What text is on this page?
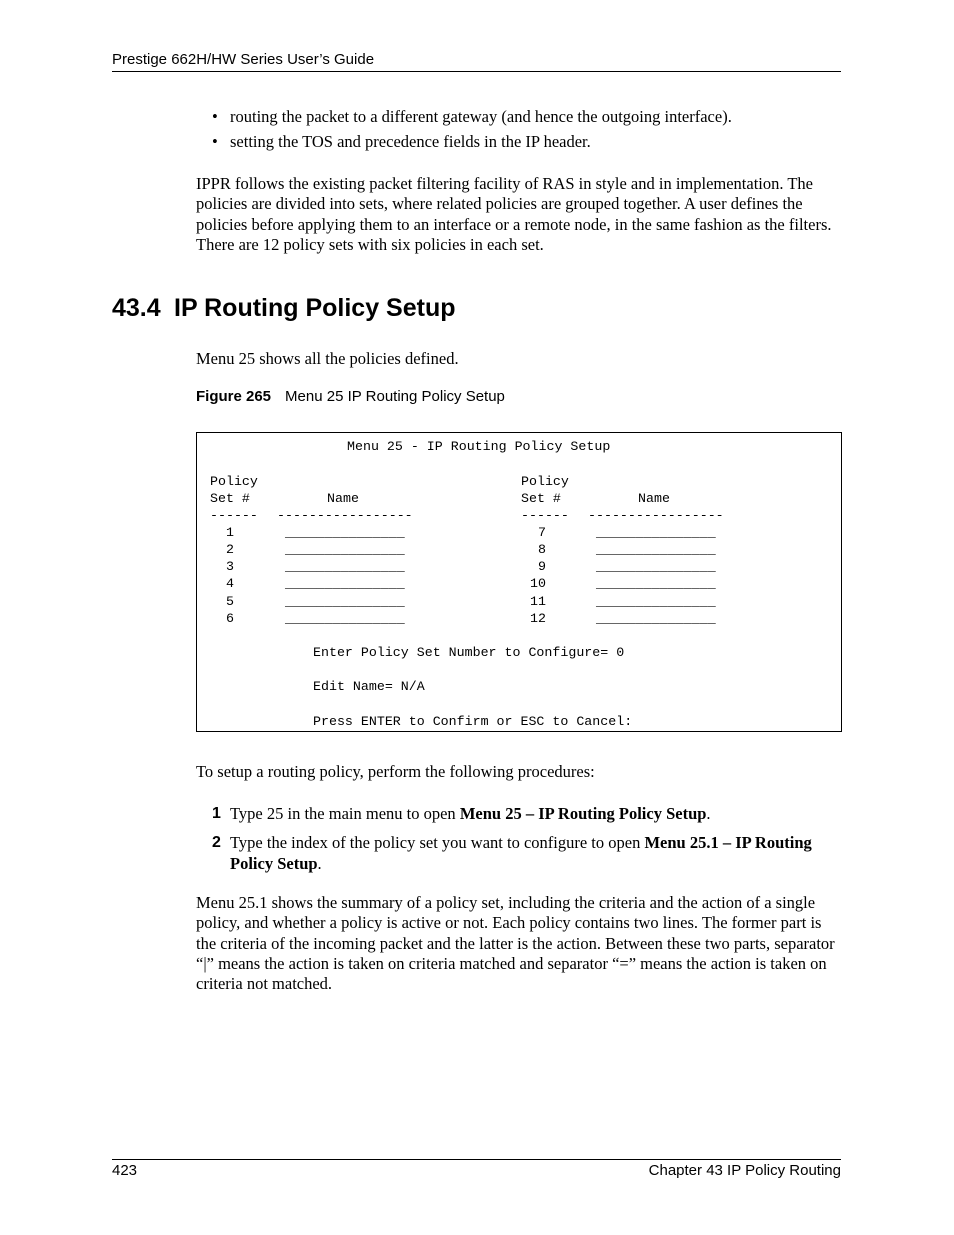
Prestige 662H/HW Series User’s Guide
• routing the packet to a different gateway (and hence the outgoing interface).
• setting the TOS and precedence fields in the IP header.

IPPR follows the existing packet filtering facility of RAS in style and in implementation. The policies are divided into sets, where related policies are grouped together. A user defines the policies before applying them to an interface or a remote node, in the same fashion as the filters. There are 12 policy sets with six policies in each set.

43.4 IP Routing Policy Setup

Menu 25 shows all the policies defined.

Figure 265 Menu 25 IP Routing Policy Setup
Menu 25 - IP Routing Policy Setup
Policy	Policy
Set #	Name	Set #	Name
------ -----------------	------ -----------------
1	_______________	7	_______________
2	_______________	8	_______________
3	_______________	9	_______________
4	_______________	10	_______________
5	_______________	11	_______________
6	_______________	12	_______________
Enter Policy Set Number to Configure= 0
Edit Name= N/A
Press ENTER to Confirm or ESC to Cancel:

To setup a routing policy, perform the following procedures:

1 Type 25 in the main menu to open Menu 25 – IP Routing Policy Setup.
2 Type the index of the policy set you want to configure to open Menu 25.1 – IP Routing Policy Setup.

Menu 25.1 shows the summary of a policy set, including the criteria and the action of a single policy, and whether a policy is active or not. Each policy contains two lines. The former part is the criteria of the incoming packet and the latter is the action. Between these two parts, separator “|” means the action is taken on criteria matched and separator “=” means the action is taken on criteria not matched.

423	Chapter 43 IP Policy Routing
